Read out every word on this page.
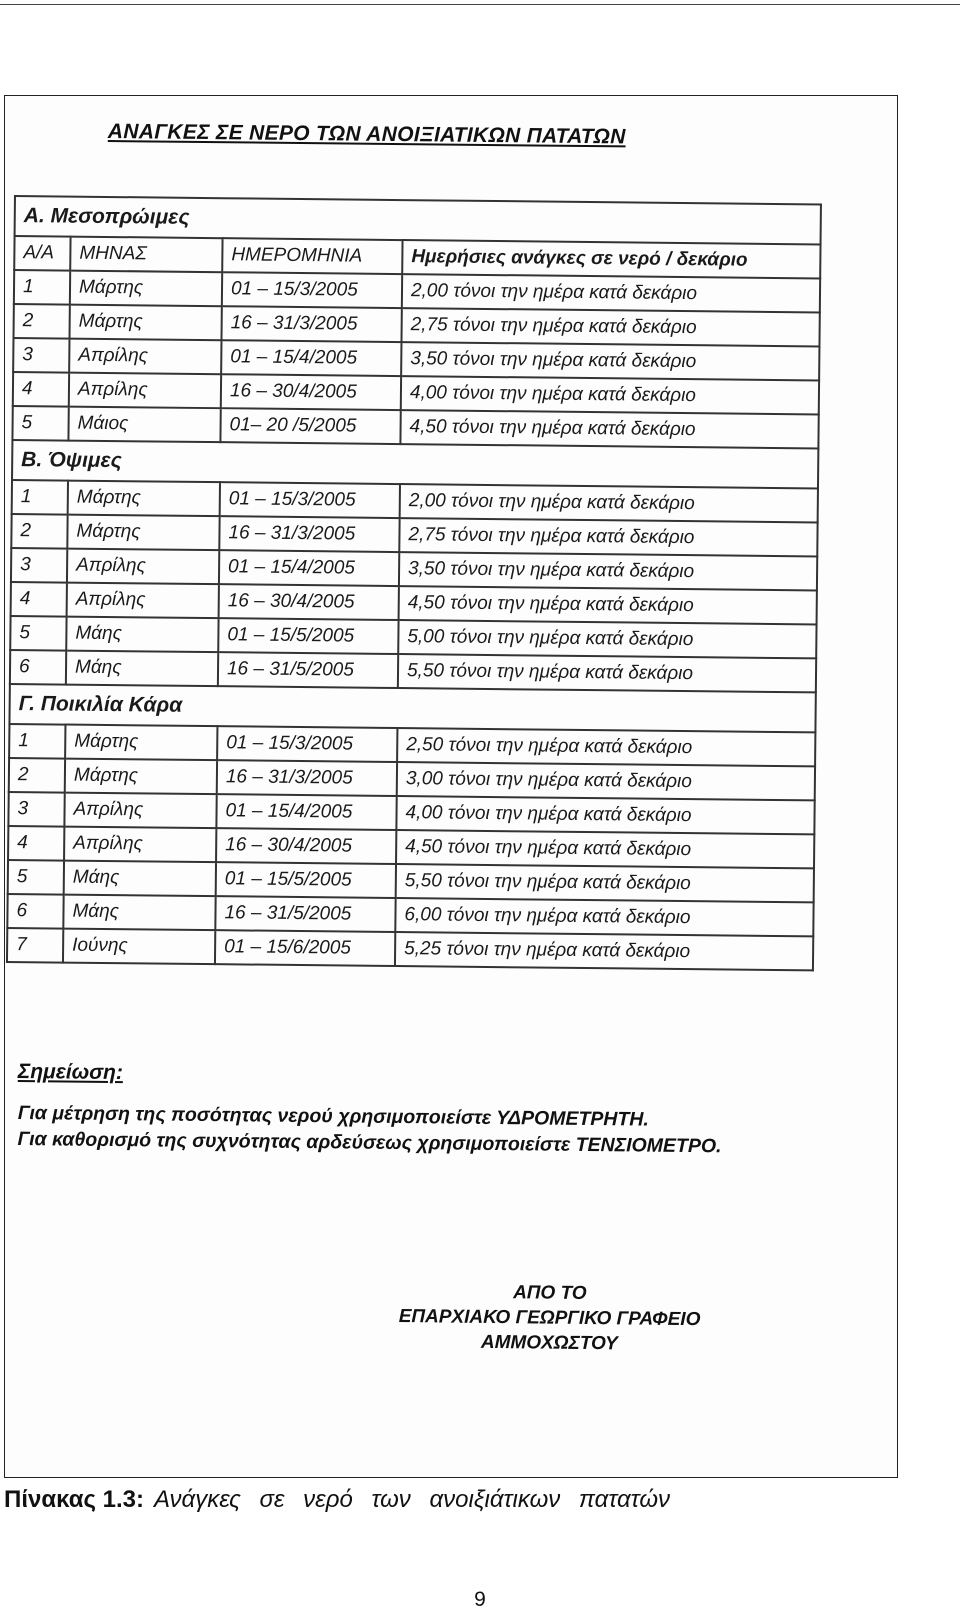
ΑΝΑΓΚΕΣ ΣΕ ΝΕΡΟ ΤΩΝ ΑΝΟΙΞΙΑΤΙΚΩΝ ΠΑΤΑΤΩΝ
Α. Μεσοπρώιμες			
Α/Α	ΜΗΝΑΣ	ΗΜΕΡΟΜΗΝΙΑ	Ημερήσιες ανάγκες σε νερό / δεκάριο
1	Μάρτης	01 – 15/3/2005	2,00 τόνοι την ημέρα κατά δεκάριο
2	Μάρτης	16 – 31/3/2005	2,75 τόνοι την ημέρα κατά δεκάριο
3	Απρίλης	01 – 15/4/2005	3,50 τόνοι την ημέρα κατά δεκάριο
4	Απρίλης	16 – 30/4/2005	4,00 τόνοι την ημέρα κατά δεκάριο
5	Μάιος	01– 20 /5/2005	4,50 τόνοι την ημέρα κατά δεκάριο
Β. Όψιμες			
1	Μάρτης	01 – 15/3/2005	2,00 τόνοι την ημέρα κατά δεκάριο
2	Μάρτης	16 – 31/3/2005	2,75 τόνοι την ημέρα κατά δεκάριο
3	Απρίλης	01 – 15/4/2005	3,50 τόνοι την ημέρα κατά δεκάριο
4	Απρίλης	16 – 30/4/2005	4,50 τόνοι την ημέρα κατά δεκάριο
5	Μάης	01 – 15/5/2005	5,00 τόνοι την ημέρα κατά δεκάριο
6	Μάης	16 – 31/5/2005	5,50 τόνοι την ημέρα κατά δεκάριο
Γ. Ποικιλία Κάρα			
1	Μάρτης	01 – 15/3/2005	2,50 τόνοι την ημέρα κατά δεκάριο
2	Μάρτης	16 – 31/3/2005	3,00 τόνοι την ημέρα κατά δεκάριο
3	Απρίλης	01 – 15/4/2005	4,00 τόνοι την ημέρα κατά δεκάριο
4	Απρίλης	16 – 30/4/2005	4,50 τόνοι την ημέρα κατά δεκάριο
5	Μάης	01 – 15/5/2005	5,50 τόνοι την ημέρα κατά δεκάριο
6	Μάης	16 – 31/5/2005	6,00 τόνοι την ημέρα κατά δεκάριο
7	Ιούνης	01 – 15/6/2005	5,25 τόνοι την ημέρα κατά δεκάριο
Σημείωση:
Για μέτρηση της ποσότητας νερού χρησιμοποιείστε ΥΔΡΟΜΕΤΡΗΤΗ.
Για καθορισμό της συχνότητας αρδεύσεως χρησιμοποιείστε ΤΕΝΣΙΟΜΕΤΡΟ.
ΑΠΟ ΤΟ
ΕΠΑΡΧΙΑΚΟ ΓΕΩΡΓΙΚΟ ΓΡΑΦΕΙΟ
ΑΜΜΟΧΩΣΤΟΥ
Πίνακας 1.3: Ανάγκες σε νερό των ανοιξιάτικων πατατών
9
